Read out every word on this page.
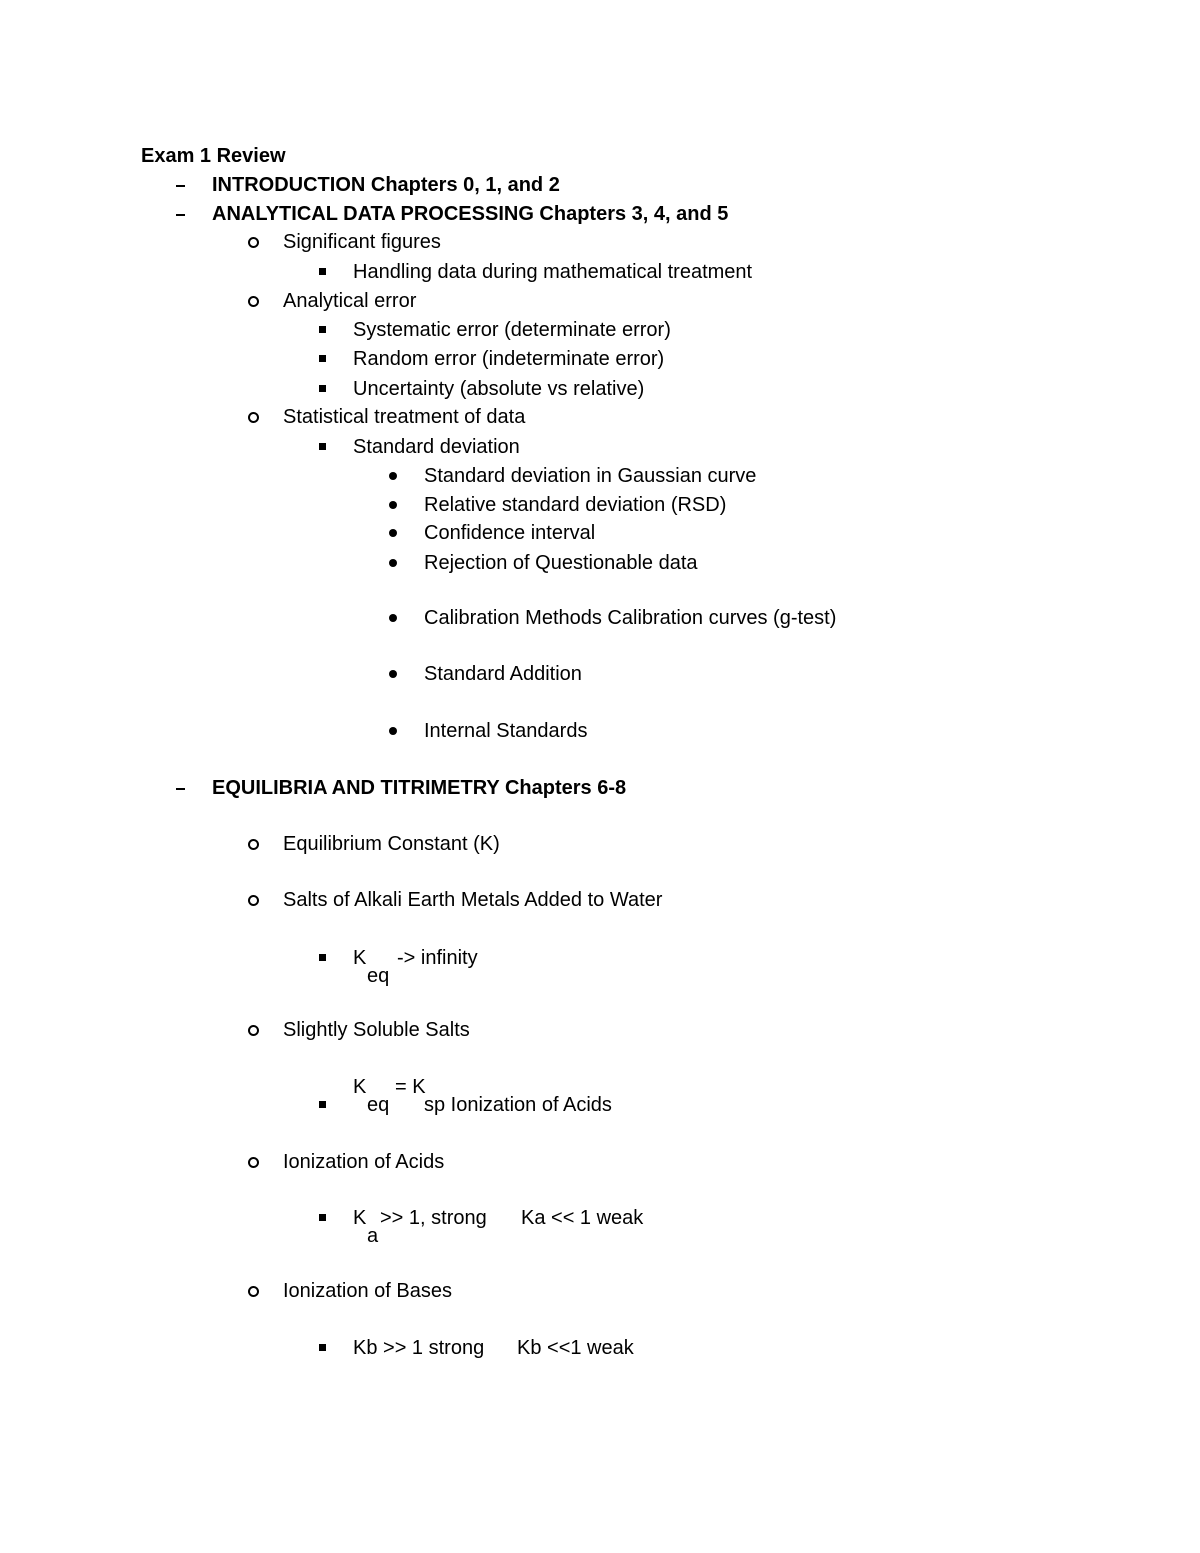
Exam 1 Review
INTRODUCTION Chapters 0, 1, and 2
ANALYTICAL DATA PROCESSING Chapters 3, 4, and 5
Significant figures
Handling data during mathematical treatment
Analytical error
Systematic error (determinate error)
Random error (indeterminate error)
Uncertainty (absolute vs relative)
Statistical treatment of data
Standard deviation
Standard deviation in Gaussian curve
Relative standard deviation (RSD)
Confidence interval
Rejection of Questionable data
Calibration Methods Calibration curves (g-test)
Standard Addition
Internal Standards
EQUILIBRIA AND TITRIMETRY Chapters 6-8
Equilibrium Constant (K)
Salts of Alkali Earth Metals Added to Water
K
eq
-> infinity
Slightly Soluble Salts
K
eq
= K
sp Ionization of Acids
Ionization of Acids
K
a
>> 1, strong Ka << 1 weak
Ionization of Bases
Kb >> 1 strong Kb <<1 weak
